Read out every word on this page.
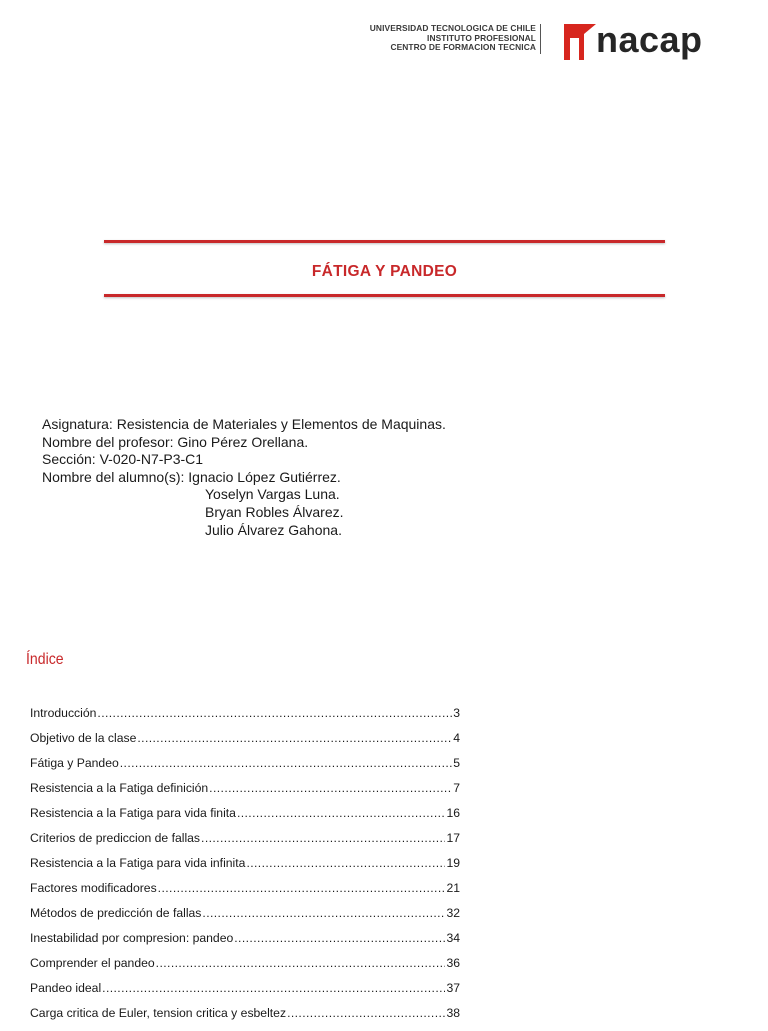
UNIVERSIDAD TECNOLOGICA DE CHILE
INSTITUTO PROFESIONAL
CENTRO DE FORMACION TECNICA nacap
FÁTIGA Y PANDEO
Asignatura: Resistencia de Materiales y Elementos de Maquinas.
Nombre del profesor: Gino Pérez Orellana.
Sección: V-020-N7-P3-C1
Nombre del alumno(s): Ignacio López Gutiérrez.
Yoselyn Vargas Luna.
Bryan Robles Álvarez.
Julio Álvarez Gahona.
Índice
Introducción .....	3
Objetivo de la clase .....	4
Fátiga y Pandeo .....	5
Resistencia a la Fatiga definición .....	7
Resistencia a la Fatiga para vida finita .....	16
Criterios de prediccion de fallas .....	17
Resistencia a la Fatiga para vida infinita .....	19
Factores modificadores .....	21
Métodos de predicción de fallas .....	32
Inestabilidad por compresion: pandeo .....	34
Comprender el pandeo .....	36
Pandeo ideal .....	37
Carga critica de Euler, tension critica y esbeltez .....	38
